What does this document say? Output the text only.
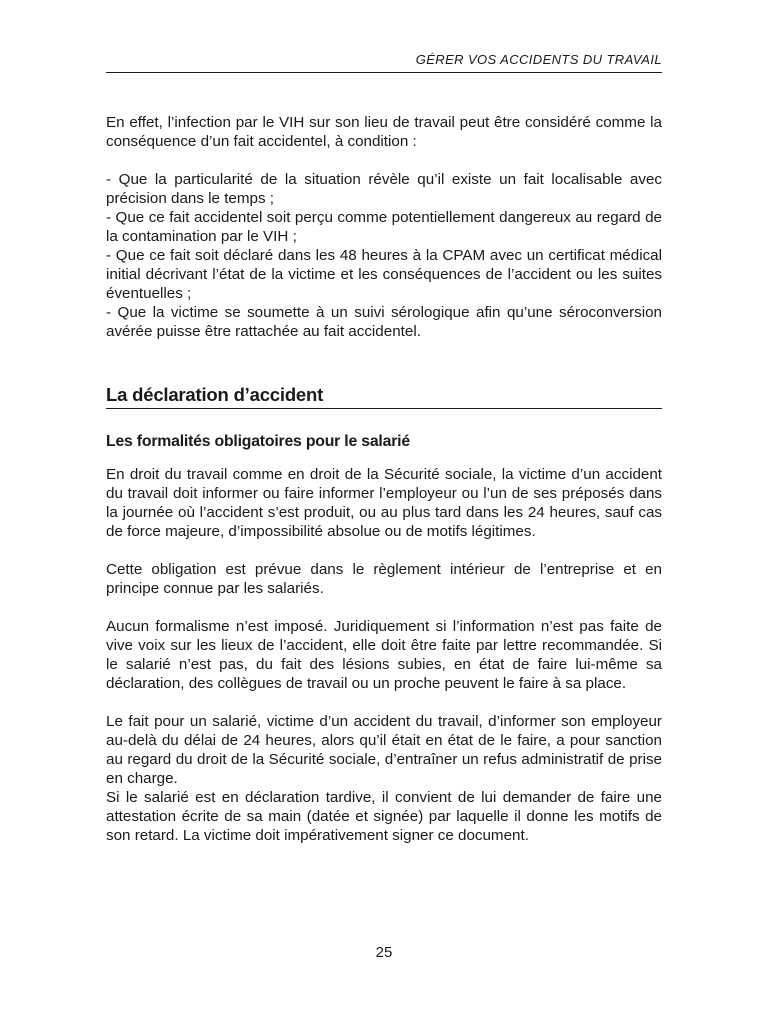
GÉRER VOS ACCIDENTS DU TRAVAIL

En effet, l’infection par le VIH sur son lieu de travail peut être considéré comme la conséquence d’un fait accidentel, à condition :

- Que la particularité de la situation révèle qu’il existe un fait localisable avec précision dans le temps ;
- Que ce fait accidentel soit perçu comme potentiellement dangereux au regard de la contamination par le VIH ;
- Que ce fait soit déclaré dans les 48 heures à la CPAM avec un certificat médical initial décrivant l’état de la victime et les conséquences de l’accident ou les suites éventuelles ;
- Que la victime se soumette à un suivi sérologique afin qu’une séroconversion avérée puisse être rattachée au fait accidentel.
La déclaration d’accident
Les formalités obligatoires pour le salarié

En droit du travail comme en droit de la Sécurité sociale, la victime d’un accident du travail doit informer ou faire informer l’employeur ou l’un de ses préposés dans la journée où l’accident s’est produit, ou au plus tard dans les 24 heures, sauf cas de force majeure, d’impossibilité absolue ou de motifs légitimes.

Cette obligation est prévue dans le règlement intérieur de l’entreprise et en principe connue par les salariés.

Aucun formalisme n’est imposé. Juridiquement si l’information n’est pas faite de vive voix sur les lieux de l’accident, elle doit être faite par lettre recommandée. Si le salarié n’est pas, du fait des lésions subies, en état de faire lui-même sa déclaration, des collègues de travail ou un proche peuvent le faire à sa place.

Le fait pour un salarié, victime d’un accident du travail, d’informer son employeur au-delà du délai de 24 heures, alors qu’il était en état de le faire, a pour sanction au regard du droit de la Sécurité sociale, d’entraîner un refus administratif de prise en charge.

Si le salarié est en déclaration tardive, il convient de lui demander de faire une attestation écrite de sa main (datée et signée) par laquelle il donne les motifs de son retard. La victime doit impérativement signer ce document.

25
